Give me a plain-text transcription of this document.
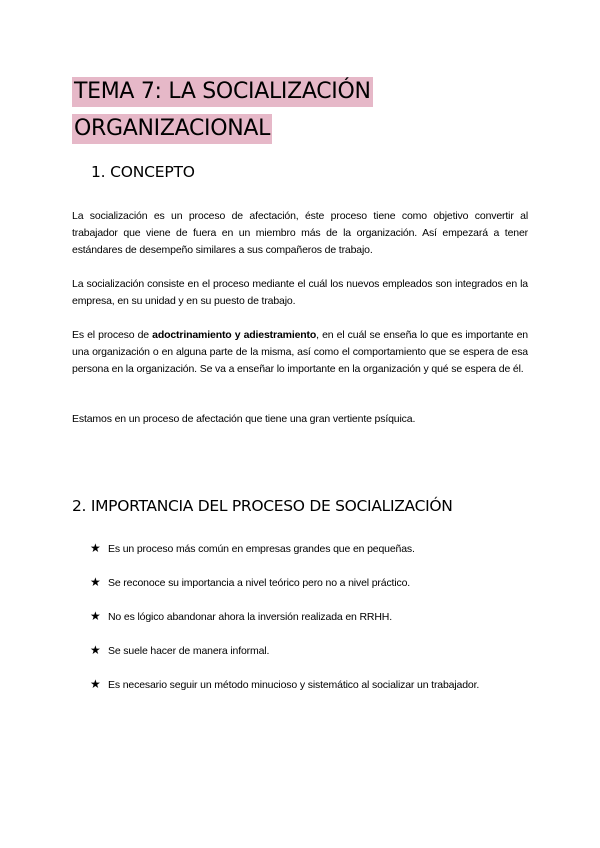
TEMA 7: LA SOCIALIZACIÓN
ORGANIZACIONAL
1. CONCEPTO

La socialización es un proceso de afectación, éste proceso tiene como objetivo convertir al trabajador que viene de fuera en un miembro más de la organización. Así empezará a tener estándares de desempeño similares a sus compañeros de trabajo.

La socialización consiste en el proceso mediante el cuál los nuevos empleados son integrados en la empresa, en su unidad y en su puesto de trabajo.

Es el proceso de adoctrinamiento y adiestramiento, en el cuál se enseña lo que es importante en una organización o en alguna parte de la misma, así como el comportamiento que se espera de esa persona en la organización. Se va a enseñar lo importante en la organización y qué se espera de él.

Estamos en un proceso de afectación que tiene una gran vertiente psíquica.

2. IMPORTANCIA DEL PROCESO DE SOCIALIZACIÓN
★ Es un proceso más común en empresas grandes que en pequeñas.
★ Se reconoce su importancia a nivel teórico pero no a nivel práctico.
★ No es lógico abandonar ahora la inversión realizada en RRHH.
★ Se suele hacer de manera informal.
★ Es necesario seguir un método minucioso y sistemático al socializar un trabajador.
